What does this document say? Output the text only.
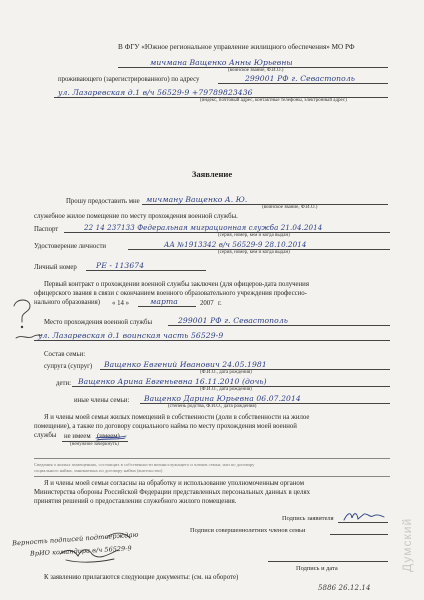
В ФГУ «Южное региональное управление жилищного обеспечения» МО РФ
мичмана Ващенко Анны Юрьевны
(воинское звание, Ф.И.О.)
проживающего (зарегистрированного) по адресу	299001 РФ г. Севастополь
ул. Лазаревская д.1 в/ч 56529-9 +79789823436
(индекс, почтовый адрес, контактные телефоны, электронный адрес)
Заявление
Прошу предоставить мне мичману Ващенко А. Ю.
(воинское звание, Ф.И.О.)
служебное жилое помещение по месту прохождения военной службы.
Паспорт	22 14 237133 Федеральная миграционная служба 21.04.2014
(серия, номер, кем и когда выдан)
Удостоверение личности	АА №1913342 в/ч 56529-9 28.10.2014
(серия, номер, кем и когда выдан)
Личный номер	РЕ - 113674
Первый контракт о прохождении военной службы заключен (для офицеров-дата получения
офицерского звания в связи с окончанием военного образовательного учреждения профессио-
нального образования) « 14 »	марта	2007 г.
Место прохождения военной службы	299001 РФ г. Севастополь
ул. Лазаревская д.1 воинская часть 56529-9
Состав семьи:
супруга (супруг) Ващенко Евгений Иванович 24.05.1981
(Ф.И.О., дата рождения)
дети: Ващенко Арина Евгеньевна 16.11.2010 (дочь)
(Ф.И.О., дата рождения)
иные члены семьи: Ващенко Дарина Юрьевна 06.07.2014
(степень родства, Ф.И.О., дата рождения)
Я и члены моей семьи жилых помещений в собственности (доли в собственности на жилое
помещение), а также по договору социального найма по месту прохождения моей военной
службы не имеем (имеем)
(ненужное зачеркнуть)
Сведения о жилых помещениях, состоящих в собственности военнослужащего и членов семьи, или по договору
социального найма, занимаемых по договору найма (жительство)
Я и члены моей семьи согласны на обработку и использование уполномоченным органом
Министерства обороны Российской Федерации представленных персональных данных в целях
принятия решений о предоставлении служебного жилого помещения.
Подпись заявителя
Подписи совершеннолетних членов семьи
Верность подписей подтверждаю
ВрИО командира в/ч 56529-9
Подпись и дата
К заявлению прилагаются следующие документы: (см. на обороте)
5886 26.12.14
Думский
